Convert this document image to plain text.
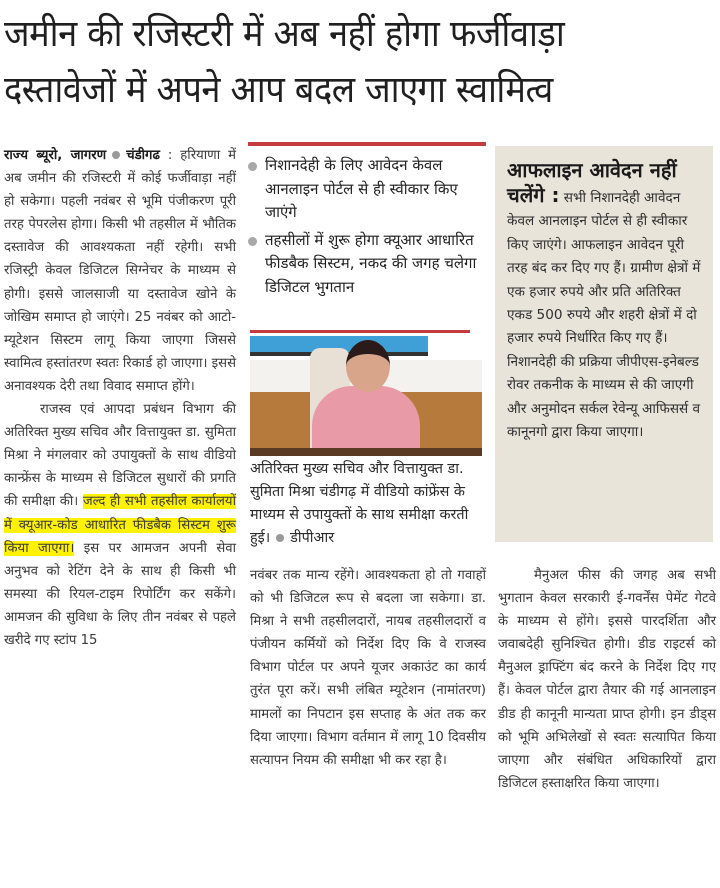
जमीन की रजिस्टरी में अब नहीं होगा फर्जीवाड़ा
दस्तावेजों में अपने आप बदल जाएगा स्वामित्व

राज्य ब्यूरो, जागरण चंडीगढ : हरियाणा में अब जमीन की रजिस्टरी में कोई फर्जीवाड़ा नहीं हो सकेगा। पहली नवंबर से भूमि पंजीकरण पूरी तरह पेपरलेस होगा। किसी भी तहसील में भौतिक दस्तावेज की आवश्यकता नहीं रहेगी। सभी रजिस्ट्री केवल डिजिटल सिग्नेचर के माध्यम से होगी। इससे जालसाजी या दस्तावेज खोने के जोखिम समाप्त हो जाएंगे। 25 नवंबर को आटो-म्यूटेशन सिस्टम लागू किया जाएगा जिससे स्वामित्व हस्तांतरण स्वतः रिकार्ड हो जाएगा। इससे अनावश्यक देरी तथा विवाद समाप्त होंगे।

राजस्व एवं आपदा प्रबंधन विभाग की अतिरिक्त मुख्य सचिव और वित्तायुक्त डा. सुमिता मिश्रा ने मंगलवार को उपायुक्तों के साथ वीडियो कान्फ्रेंस के माध्यम से डिजिटल सुधारों की प्रगति की समीक्षा की। जल्द ही सभी तहसील कार्यालयों में क्यूआर-कोड आधारित फीडबैक सिस्टम शुरू किया जाएगा। इस पर आमजन अपनी सेवा अनुभव को रेटिंग देने के साथ ही किसी भी समस्या की रियल-टाइम रिपोर्टिंग कर सकेंगे। आमजन की सुविधा के लिए तीन नवंबर से पहले खरीदे गए स्टांप 15

निशानदेही के लिए आवेदन केवल आनलाइन पोर्टल से ही स्वीकार किए जाएंगे
तहसीलों में शुरू होगा क्यूआर आधारित फीडबैक सिस्टम, नकद की जगह चलेगा डिजिटल भुगतान
अतिरिक्त मुख्य सचिव और वित्तायुक्त डा. सुमिता मिश्रा चंडीगढ़ में वीडियो कांफ्रेंस के माध्यम से उपायुक्तों के साथ समीक्षा करती हुई। डीपीआर
आफलाइन आवेदन नहीं
चलेंगे : सभी निशानदेही आवेदन केवल आनलाइन पोर्टल से ही स्वीकार किए जाएंगे। आफलाइन आवेदन पूरी तरह बंद कर दिए गए हैं। ग्रामीण क्षेत्रों में एक हजार रुपये और प्रति अतिरिक्त एकड 500 रुपये और शहरी क्षेत्रों में दो हजार रुपये निर्धारित किए गए हैं। निशानदेही की प्रक्रिया जीपीएस-इनेबल्ड रोवर तकनीक के माध्यम से की जाएगी और अनुमोदन सर्कल रेवेन्यू आफिसर्स व कानूनगो द्वारा किया जाएगा।

नवंबर तक मान्य रहेंगे। आवश्यकता हो तो गवाहों को भी डिजिटल रूप से बदला जा सकेगा। डा. मिश्रा ने सभी तहसीलदारों, नायब तहसीलदारों व पंजीयन कर्मियों को निर्देश दिए कि वे राजस्व विभाग पोर्टल पर अपने यूजर अकाउंट का कार्य तुरंत पूरा करें। सभी लंबित म्यूटेशन (नामांतरण) मामलों का निपटान इस सप्ताह के अंत तक कर दिया जाएगा। विभाग वर्तमान में लागू 10 दिवसीय सत्यापन नियम की समीक्षा भी कर रहा है।

मैनुअल फीस की जगह अब सभी भुगतान केवल सरकारी ई-गवर्नेंस पेमेंट गेटवे के माध्यम से होंगे। इससे पारदर्शिता और जवाबदेही सुनिश्चित होगी। डीड राइटर्स को मैनुअल ड्राफ्टिंग बंद करने के निर्देश दिए गए हैं। केवल पोर्टल द्वारा तैयार की गई आनलाइन डीड ही कानूनी मान्यता प्राप्त होगी। इन डीड्स को भूमि अभिलेखों से स्वतः सत्यापित किया जाएगा और संबंधित अधिकारियों द्वारा डिजिटल हस्ताक्षरित किया जाएगा।
